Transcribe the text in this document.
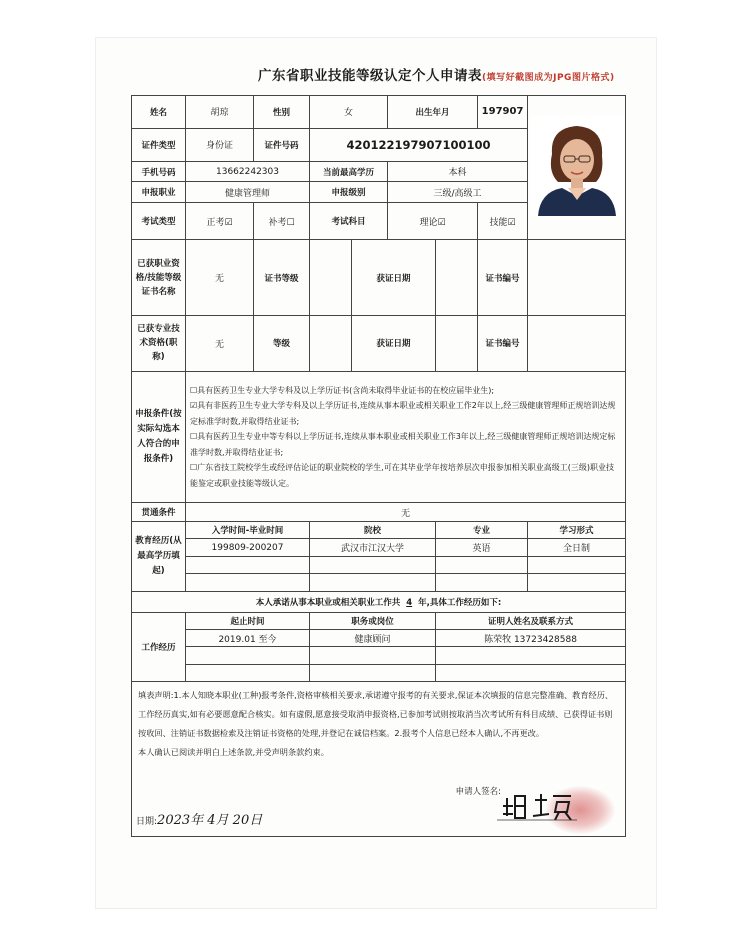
广东省职业技能等级认定个人申请表(填写好截图成为JPG图片格式)
姓名	胡琼	性别	女		出生年月		197907	
证件类型	身份证	证件号码	420122197907100100					
手机号码	13662242303		当前最高学历		本科			
申报职业	健康管理师		申报级别		三级/高级工			
考试类型	正考☑	补考☐	考试科目		理论☑		技能☑	
已获职业资格/技能等级证书名称	无	证书等级		获证日期			证书编号	
已获专业技术资格(职称)	无	等级		获证日期			证书编号	
申报条件(按实际勾选本人符合的申报条件)	☐具有医药卫生专业大学专科及以上学历证书(含尚未取得毕业证书的在校应届毕业生);
☑具有非医药卫生专业大学专科及以上学历证书,连续从事本职业或相关职业工作2年以上,经三级健康管理师正规培训达规定标准学时数,并取得结业证书;
☐具有医药卫生专业中等专科以上学历证书,连续从事本职业或相关职业工作3年以上,经三级健康管理师正规培训达规定标准学时数,并取得结业证书;
☐广东省技工院校学生或经评估论证的职业院校的学生,可在其毕业学年按培养层次申报参加相关职业高级工(三级)职业技能鉴定或职业技能等级认定。							

贯通条件	无							
教育经历(从最高学历填起)	入学时间-毕业时间		院校			专业		学习形式
	199809-200207		武汉市江汉大学			英语		全日制

本人承诺从事本职业或相关职业工作共 4 年,具体工作经历如下:								
工作经历	起止时间		职务或岗位			证明人姓名及联系方式		
	2019.01 至今		健康顾问			陈荣牧 13723428588		

填表声明:1.本人知晓本职业(工种)报考条件,资格审核相关要求,承诺遵守报考的有关要求,保证本次填报的信息完整准确、教育经历、工作经历真实,如有必要愿意配合核实。如有虚假,愿意接受取消申报资格,已参加考试则按取消当次考试所有科目成绩、已获得证书则按收回、注销证书数据检索及注销证书资格的处理,并登记在诚信档案。2.报考个人信息已经本人确认,不再更改。
本人确认已阅读并明白上述条款,并受声明条款约束。
申请人签名:
日期:2023年 4月 20日								
